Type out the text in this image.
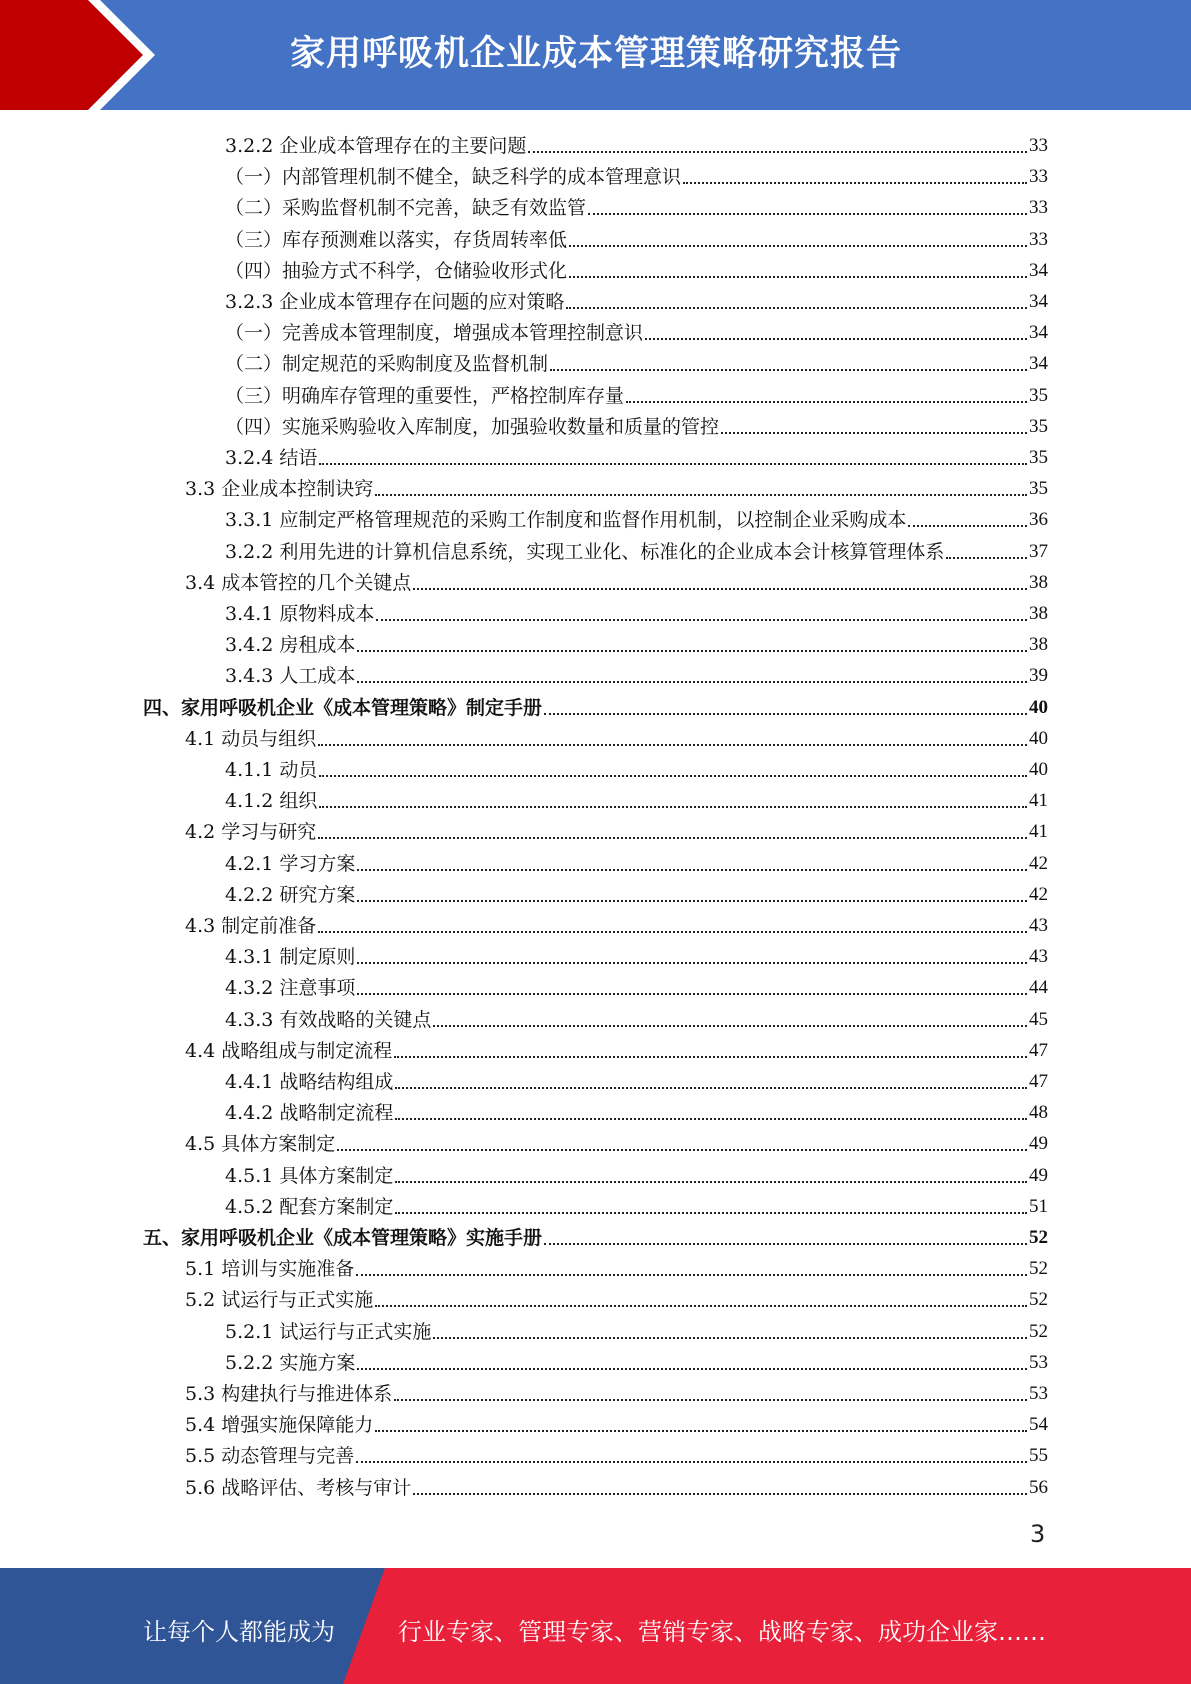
家用呼吸机企业成本管理策略研究报告
3.2.2 企业成本管理存在的主要问题	33
（一）内部管理机制不健全，缺乏科学的成本管理意识	33
（二）采购监督机制不完善，缺乏有效监管	33
（三）库存预测难以落实，存货周转率低	33
（四）抽验方式不科学，仓储验收形式化	34
3.2.3 企业成本管理存在问题的应对策略	34
（一）完善成本管理制度，增强成本管理控制意识	34
（二）制定规范的采购制度及监督机制	34
（三）明确库存管理的重要性，严格控制库存量	35
（四）实施采购验收入库制度，加强验收数量和质量的管控	35
3.2.4 结语	35
3.3 企业成本控制诀窍	35
3.3.1 应制定严格管理规范的采购工作制度和监督作用机制，以控制企业采购成本	36
3.2.2 利用先进的计算机信息系统，实现工业化、标准化的企业成本会计核算管理体系	37
3.4 成本管控的几个关键点	38
3.4.1 原物料成本	38
3.4.2 房租成本	38
3.4.3 人工成本	39
四、家用呼吸机企业《成本管理策略》制定手册	40
4.1 动员与组织	40
4.1.1 动员	40
4.1.2 组织	41
4.2 学习与研究	41
4.2.1 学习方案	42
4.2.2 研究方案	42
4.3 制定前准备	43
4.3.1 制定原则	43
4.3.2 注意事项	44
4.3.3 有效战略的关键点	45
4.4 战略组成与制定流程	47
4.4.1 战略结构组成	47
4.4.2 战略制定流程	48
4.5 具体方案制定	49
4.5.1 具体方案制定	49
4.5.2 配套方案制定	51
五、家用呼吸机企业《成本管理策略》实施手册	52
5.1 培训与实施准备	52
5.2 试运行与正式实施	52
5.2.1 试运行与正式实施	52
5.2.2 实施方案	53
5.3 构建执行与推进体系	53
5.4 增强实施保障能力	54
5.5 动态管理与完善	55
5.6 战略评估、考核与审计	56
3
让每个人都能成为	行业专家、管理专家、营销专家、战略专家、成功企业家……
